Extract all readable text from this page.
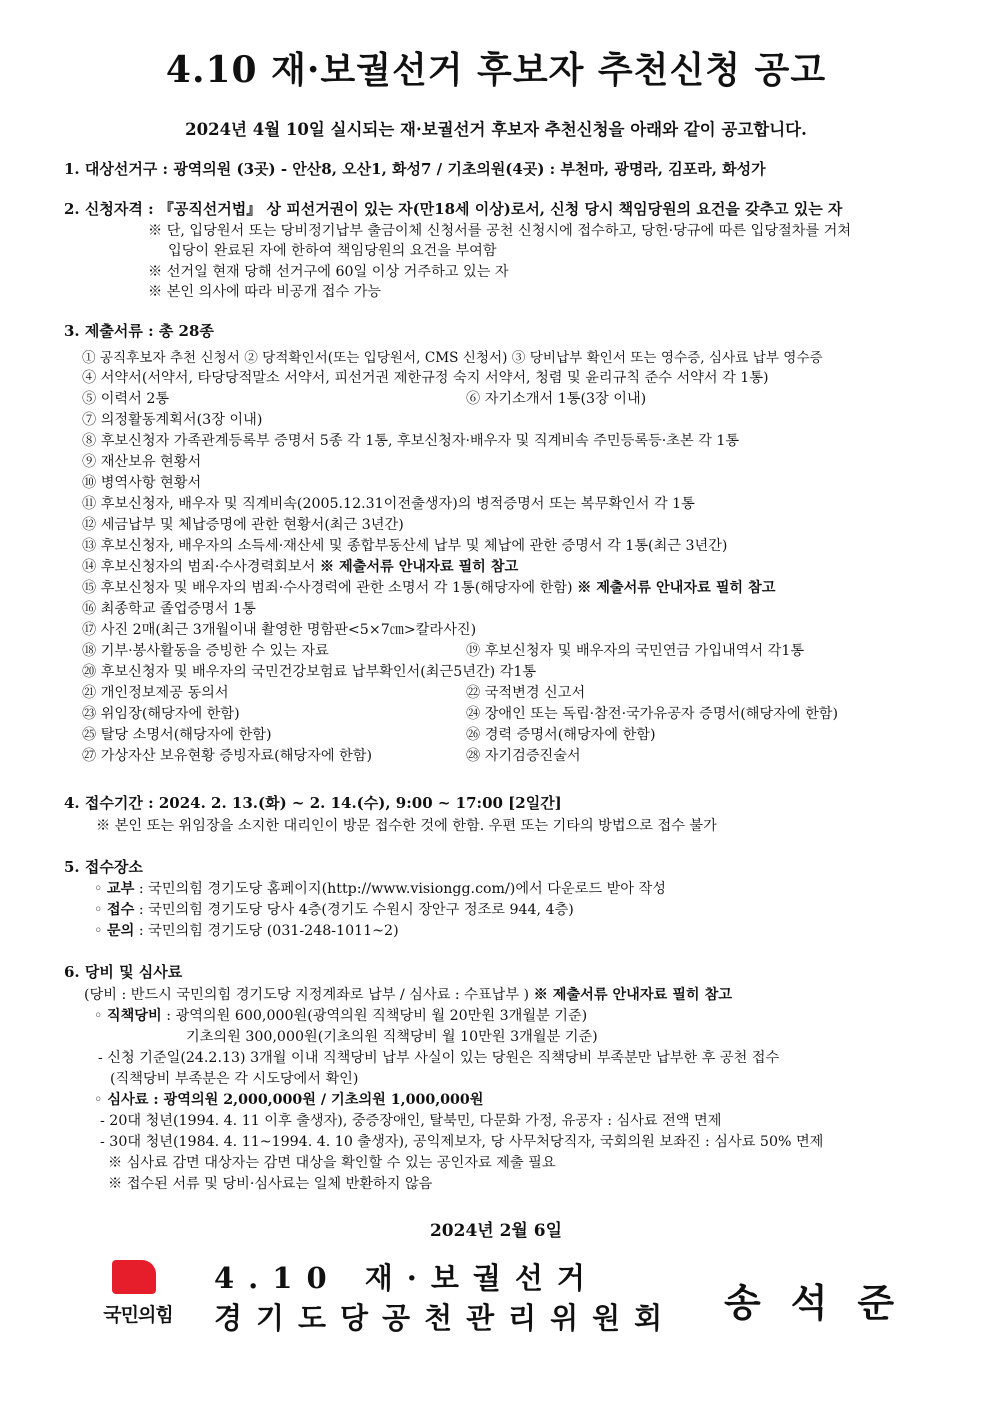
4.10 재·보궐선거 후보자 추천신청 공고
2024년 4월 10일 실시되는 재·보궐선거 후보자 추천신청을 아래와 같이 공고합니다.
1. 대상선거구 : 광역의원 (3곳) - 안산8, 오산1, 화성7 / 기초의원(4곳) : 부천마, 광명라, 김포라, 화성가
2. 신청자격 : 『공직선거법』 상 피선거권이 있는 자(만18세 이상)로서, 신청 당시 책임당원의 요건을 갖추고 있는 자
※ 단, 입당원서 또는 당비정기납부 출금이체 신청서를 공천 신청시에 접수하고, 당헌·당규에 따른 입당절차를 거쳐
입당이 완료된 자에 한하여 책임당원의 요건을 부여함
※ 선거일 현재 당해 선거구에 60일 이상 거주하고 있는 자
※ 본인 의사에 따라 비공개 접수 가능
3. 제출서류 : 총 28종
① 공직후보자 추천 신청서 ② 당적확인서(또는 입당원서, CMS 신청서) ③ 당비납부 확인서 또는 영수증, 심사료 납부 영수증
④ 서약서(서약서, 타당당적말소 서약서, 피선거권 제한규정 숙지 서약서, 청렴 및 윤리규칙 준수 서약서 각 1통)
⑤ 이력서 2통	⑥ 자기소개서 1통(3장 이내)
⑦ 의정활동계획서(3장 이내)
⑧ 후보신청자 가족관계등록부 증명서 5종 각 1통, 후보신청자·배우자 및 직계비속 주민등록등·초본 각 1통
⑨ 재산보유 현황서
⑩ 병역사항 현황서
⑪ 후보신청자, 배우자 및 직계비속(2005.12.31이전출생자)의 병적증명서 또는 복무확인서 각 1통
⑫ 세금납부 및 체납증명에 관한 현황서(최근 3년간)
⑬ 후보신청자, 배우자의 소득세·재산세 및 종합부동산세 납부 및 체납에 관한 증명서 각 1통(최근 3년간)
⑭ 후보신청자의 범죄·수사경력회보서 ※ 제출서류 안내자료 필히 참고
⑮ 후보신청자 및 배우자의 범죄·수사경력에 관한 소명서 각 1통(해당자에 한함) ※ 제출서류 안내자료 필히 참고
⑯ 최종학교 졸업증명서 1통
⑰ 사진 2매(최근 3개월이내 촬영한 명함판<5×7㎝>칼라사진)
⑱ 기부·봉사활동을 증빙한 수 있는 자료	⑲ 후보신청자 및 배우자의 국민연금 가입내역서 각1통
⑳ 후보신청자 및 배우자의 국민건강보험료 납부확인서(최근5년간) 각1통
㉑ 개인정보제공 동의서	㉒ 국적변경 신고서
㉓ 위임장(해당자에 한함)	㉔ 장애인 또는 독립·참전·국가유공자 증명서(해당자에 한함)
㉕ 탈당 소명서(해당자에 한함)	㉖ 경력 증명서(해당자에 한함)
㉗ 가상자산 보유현황 증빙자료(해당자에 한함)	㉘ 자기검증진술서
4. 접수기간 : 2024. 2. 13.(화) ~ 2. 14.(수), 9:00 ~ 17:00 [2일간]
※ 본인 또는 위임장을 소지한 대리인이 방문 접수한 것에 한함. 우편 또는 기타의 방법으로 접수 불가
5. 접수장소
◦ 교부 : 국민의힘 경기도당 홈페이지(http://www.visiongg.com/)에서 다운로드 받아 작성
◦ 접수 : 국민의힘 경기도당 당사 4층(경기도 수원시 장안구 정조로 944, 4층)
◦ 문의 : 국민의힘 경기도당 (031-248-1011~2)
6. 당비 및 심사료
(당비 : 반드시 국민의힘 경기도당 지정계좌로 납부 / 심사료 : 수표납부 ) ※ 제출서류 안내자료 필히 참고
◦ 직책당비 : 광역의원 600,000원(광역의원 직책당비 월 20만원 3개월분 기준)
기초의원 300,000원(기초의원 직책당비 월 10만원 3개월분 기준)
- 신청 기준일(24.2.13) 3개월 이내 직책당비 납부 사실이 있는 당원은 직책당비 부족분만 납부한 후 공천 접수
(직책당비 부족분은 각 시도당에서 확인)
◦ 심사료 : 광역의원 2,000,000원 / 기초의원 1,000,000원
- 20대 청년(1994. 4. 11 이후 출생자), 중증장애인, 탈북민, 다문화 가정, 유공자 : 심사료 전액 면제
- 30대 청년(1984. 4. 11~1994. 4. 10 출생자), 공익제보자, 당 사무처당직자, 국회의원 보좌진 : 심사료 50% 면제
※ 심사료 감면 대상자는 감면 대상을 확인할 수 있는 공인자료 제출 필요
※ 접수된 서류 및 당비·심사료는 일체 반환하지 않음
2024년 2월 6일
국민의힘
4.10 재·보궐선거
경기도당공천관리위원회	송석준
